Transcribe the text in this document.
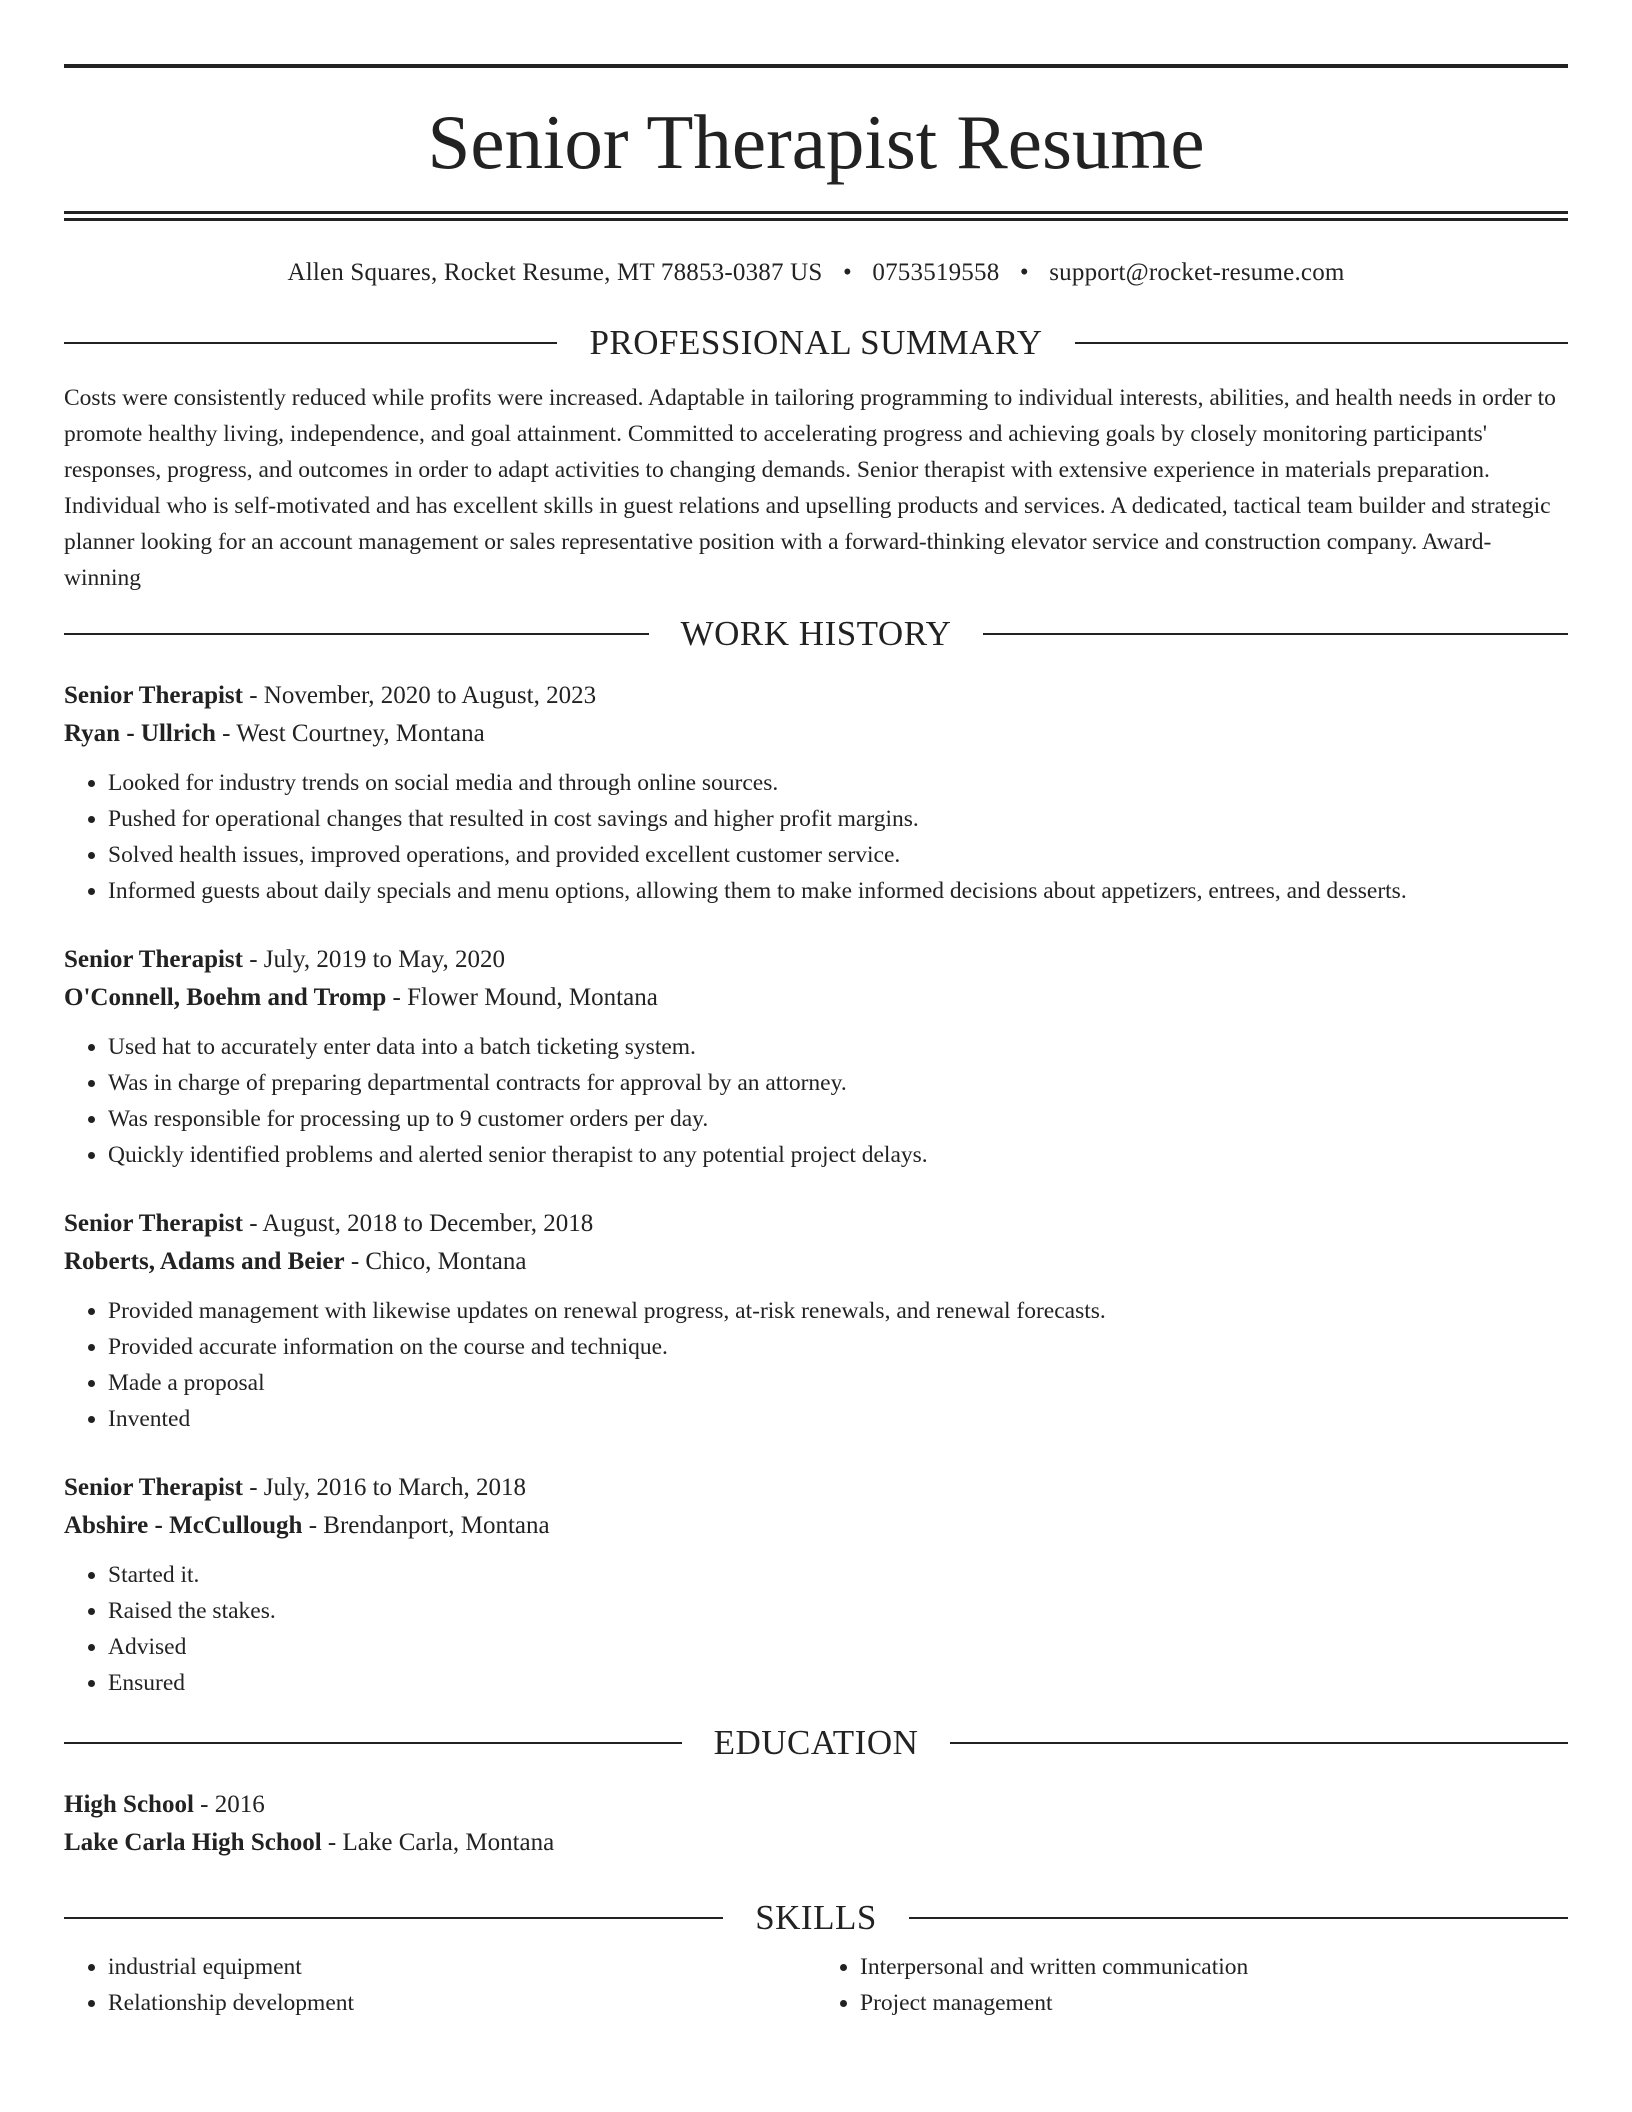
Senior Therapist Resume
Allen Squares, Rocket Resume, MT 78853-0387 US • 0753519558 • support@rocket-resume.com
PROFESSIONAL SUMMARY

Costs were consistently reduced while profits were increased. Adaptable in tailoring programming to individual interests, abilities, and health needs in order to promote healthy living, independence, and goal attainment. Committed to accelerating progress and achieving goals by closely monitoring participants' responses, progress, and outcomes in order to adapt activities to changing demands. Senior therapist with extensive experience in materials preparation. Individual who is self-motivated and has excellent skills in guest relations and upselling products and services. A dedicated, tactical team builder and strategic planner looking for an account management or sales representative position with a forward-thinking elevator service and construction company. Award-winning

WORK HISTORY
Senior Therapist - November, 2020 to August, 2023
Ryan - Ullrich - West Courtney, Montana
• Looked for industry trends on social media and through online sources.
• Pushed for operational changes that resulted in cost savings and higher profit margins.
• Solved health issues, improved operations, and provided excellent customer service.
• Informed guests about daily specials and menu options, allowing them to make informed decisions about appetizers, entrees, and desserts.
Senior Therapist - July, 2019 to May, 2020
O'Connell, Boehm and Tromp - Flower Mound, Montana
• Used hat to accurately enter data into a batch ticketing system.
• Was in charge of preparing departmental contracts for approval by an attorney.
• Was responsible for processing up to 9 customer orders per day.
• Quickly identified problems and alerted senior therapist to any potential project delays.
Senior Therapist - August, 2018 to December, 2018
Roberts, Adams and Beier - Chico, Montana
• Provided management with likewise updates on renewal progress, at-risk renewals, and renewal forecasts.
• Provided accurate information on the course and technique.
• Made a proposal
• Invented
Senior Therapist - July, 2016 to March, 2018
Abshire - McCullough - Brendanport, Montana
• Started it.
• Raised the stakes.
• Advised
• Ensured
EDUCATION
High School - 2016
Lake Carla High School - Lake Carla, Montana
SKILLS
• industrial equipment
• Relationship development
• Interpersonal and written communication
• Project management
